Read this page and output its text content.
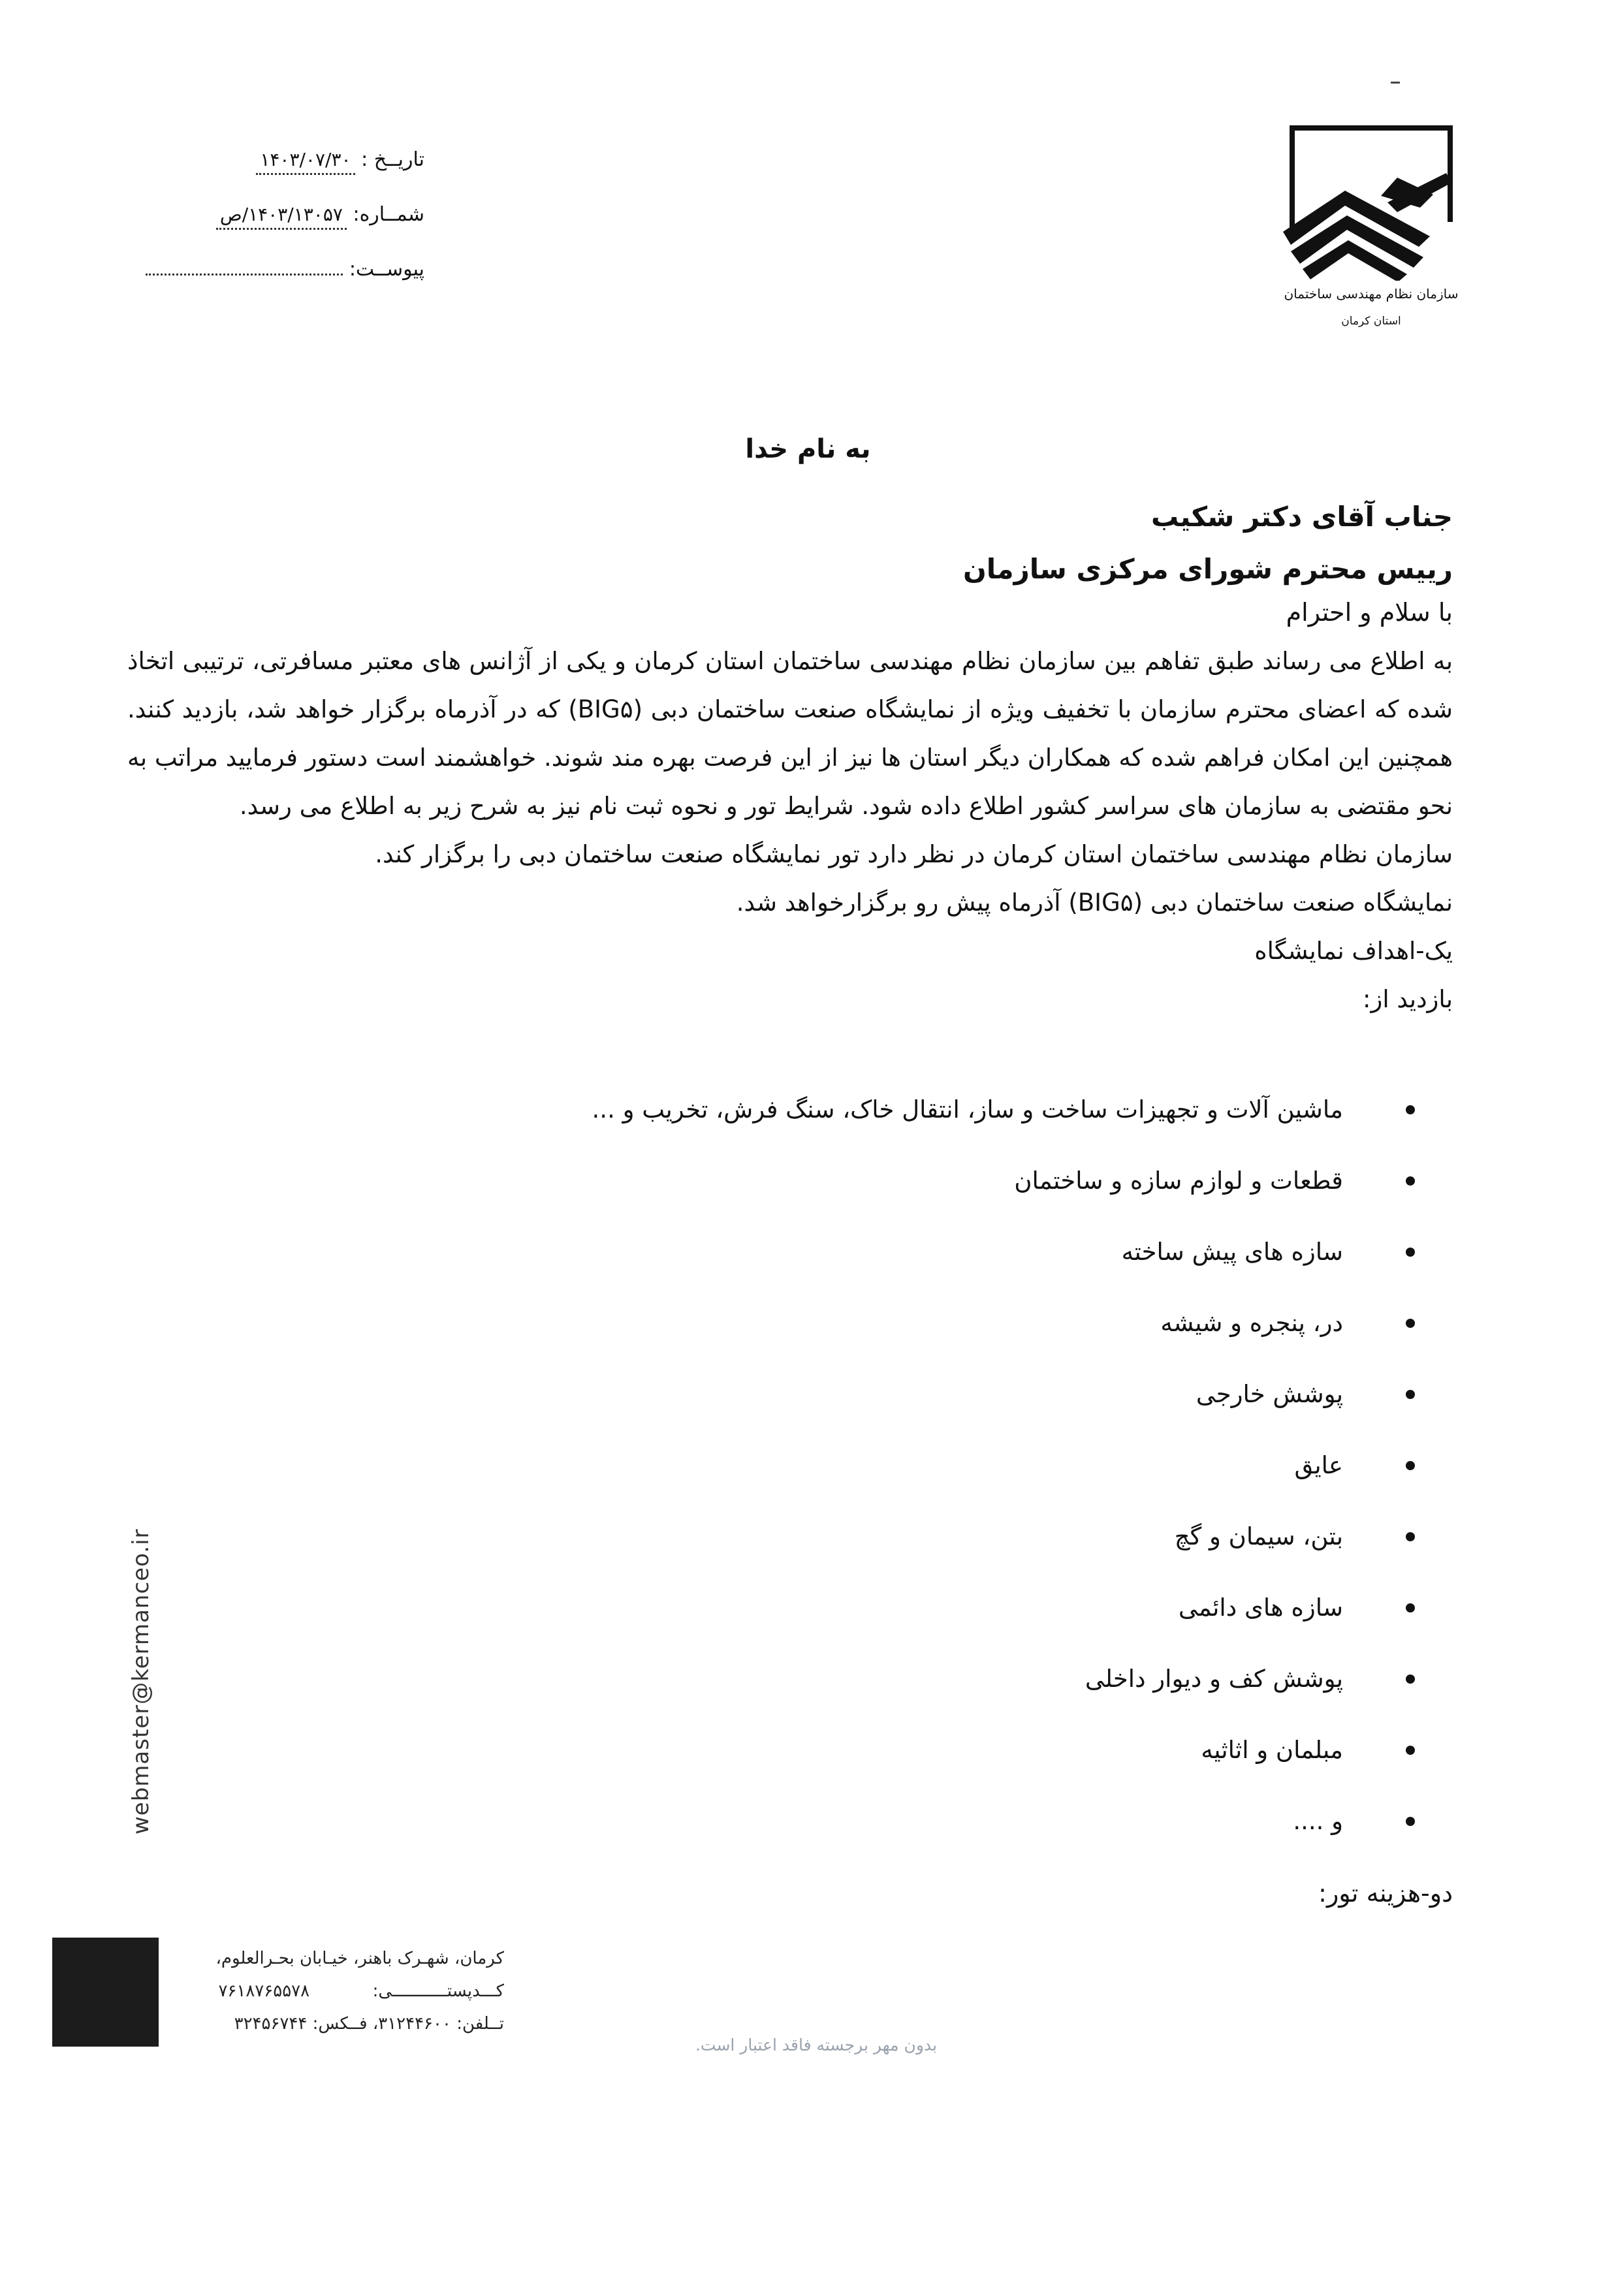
سازمان نظام مهندسی ساختمان
استان کرمان
تاریــخ : ۱۴۰۳/۰۷/۳۰
شمــاره: ۱۴۰۳/۱۳۰۵۷/ص
پیوســت:
به نام خدا
جناب آقای دکتر شکیب
رییس محترم شورای مرکزی سازمان
با سلام و احترام
به اطلاع می رساند طبق تفاهم بین سازمان نظام مهندسی ساختمان استان کرمان و یکی از آژانس های معتبر مسافرتی، ترتیبی اتخاذ شده که اعضای محترم سازمان با تخفیف ویژه از نمایشگاه صنعت ساختمان دبی (BIG۵) که در آذرماه برگزار خواهد شد، بازدید کنند. همچنین این امکان فراهم شده که همکاران دیگر استان ها نیز از این فرصت بهره مند شوند. خواهشمند است دستور فرمایید مراتب به نحو مقتضی به سازمان های سراسر کشور اطلاع داده شود. شرایط تور و نحوه ثبت نام نیز به شرح زیر به اطلاع می رسد.
سازمان نظام مهندسی ساختمان استان کرمان در نظر دارد تور نمایشگاه صنعت ساختمان دبی را برگزار کند.
نمایشگاه صنعت ساختمان دبی (BIG۵) آذرماه پیش رو برگزارخواهد شد.
یک-اهداف نمایشگاه
بازدید از:
ماشین آلات و تجهیزات ساخت و ساز، انتقال خاک، سنگ فرش، تخریب و ...
قطعات و لوازم سازه و ساختمان
سازه های پیش ساخته
در، پنجره و شیشه
پوشش خارجی
عایق
بتن، سیمان و گچ
سازه های دائمی
پوشش کف و دیوار داخلی
مبلمان و اثاثیه
و ....
دو-هزینه تور:
webmaster@kermanceo.ir
کرمان، شهـرک باهنر، خیـابان بحـرالعلوم،
کـــدپستـــــــــــی:  ۷۶۱۸۷۶۵۵۷۸
تــلفن: ۳۱۲۴۴۶۰۰، فــکس: ۳۲۴۵۶۷۴۴
بدون مهر برجسته فاقد اعتبار است.
